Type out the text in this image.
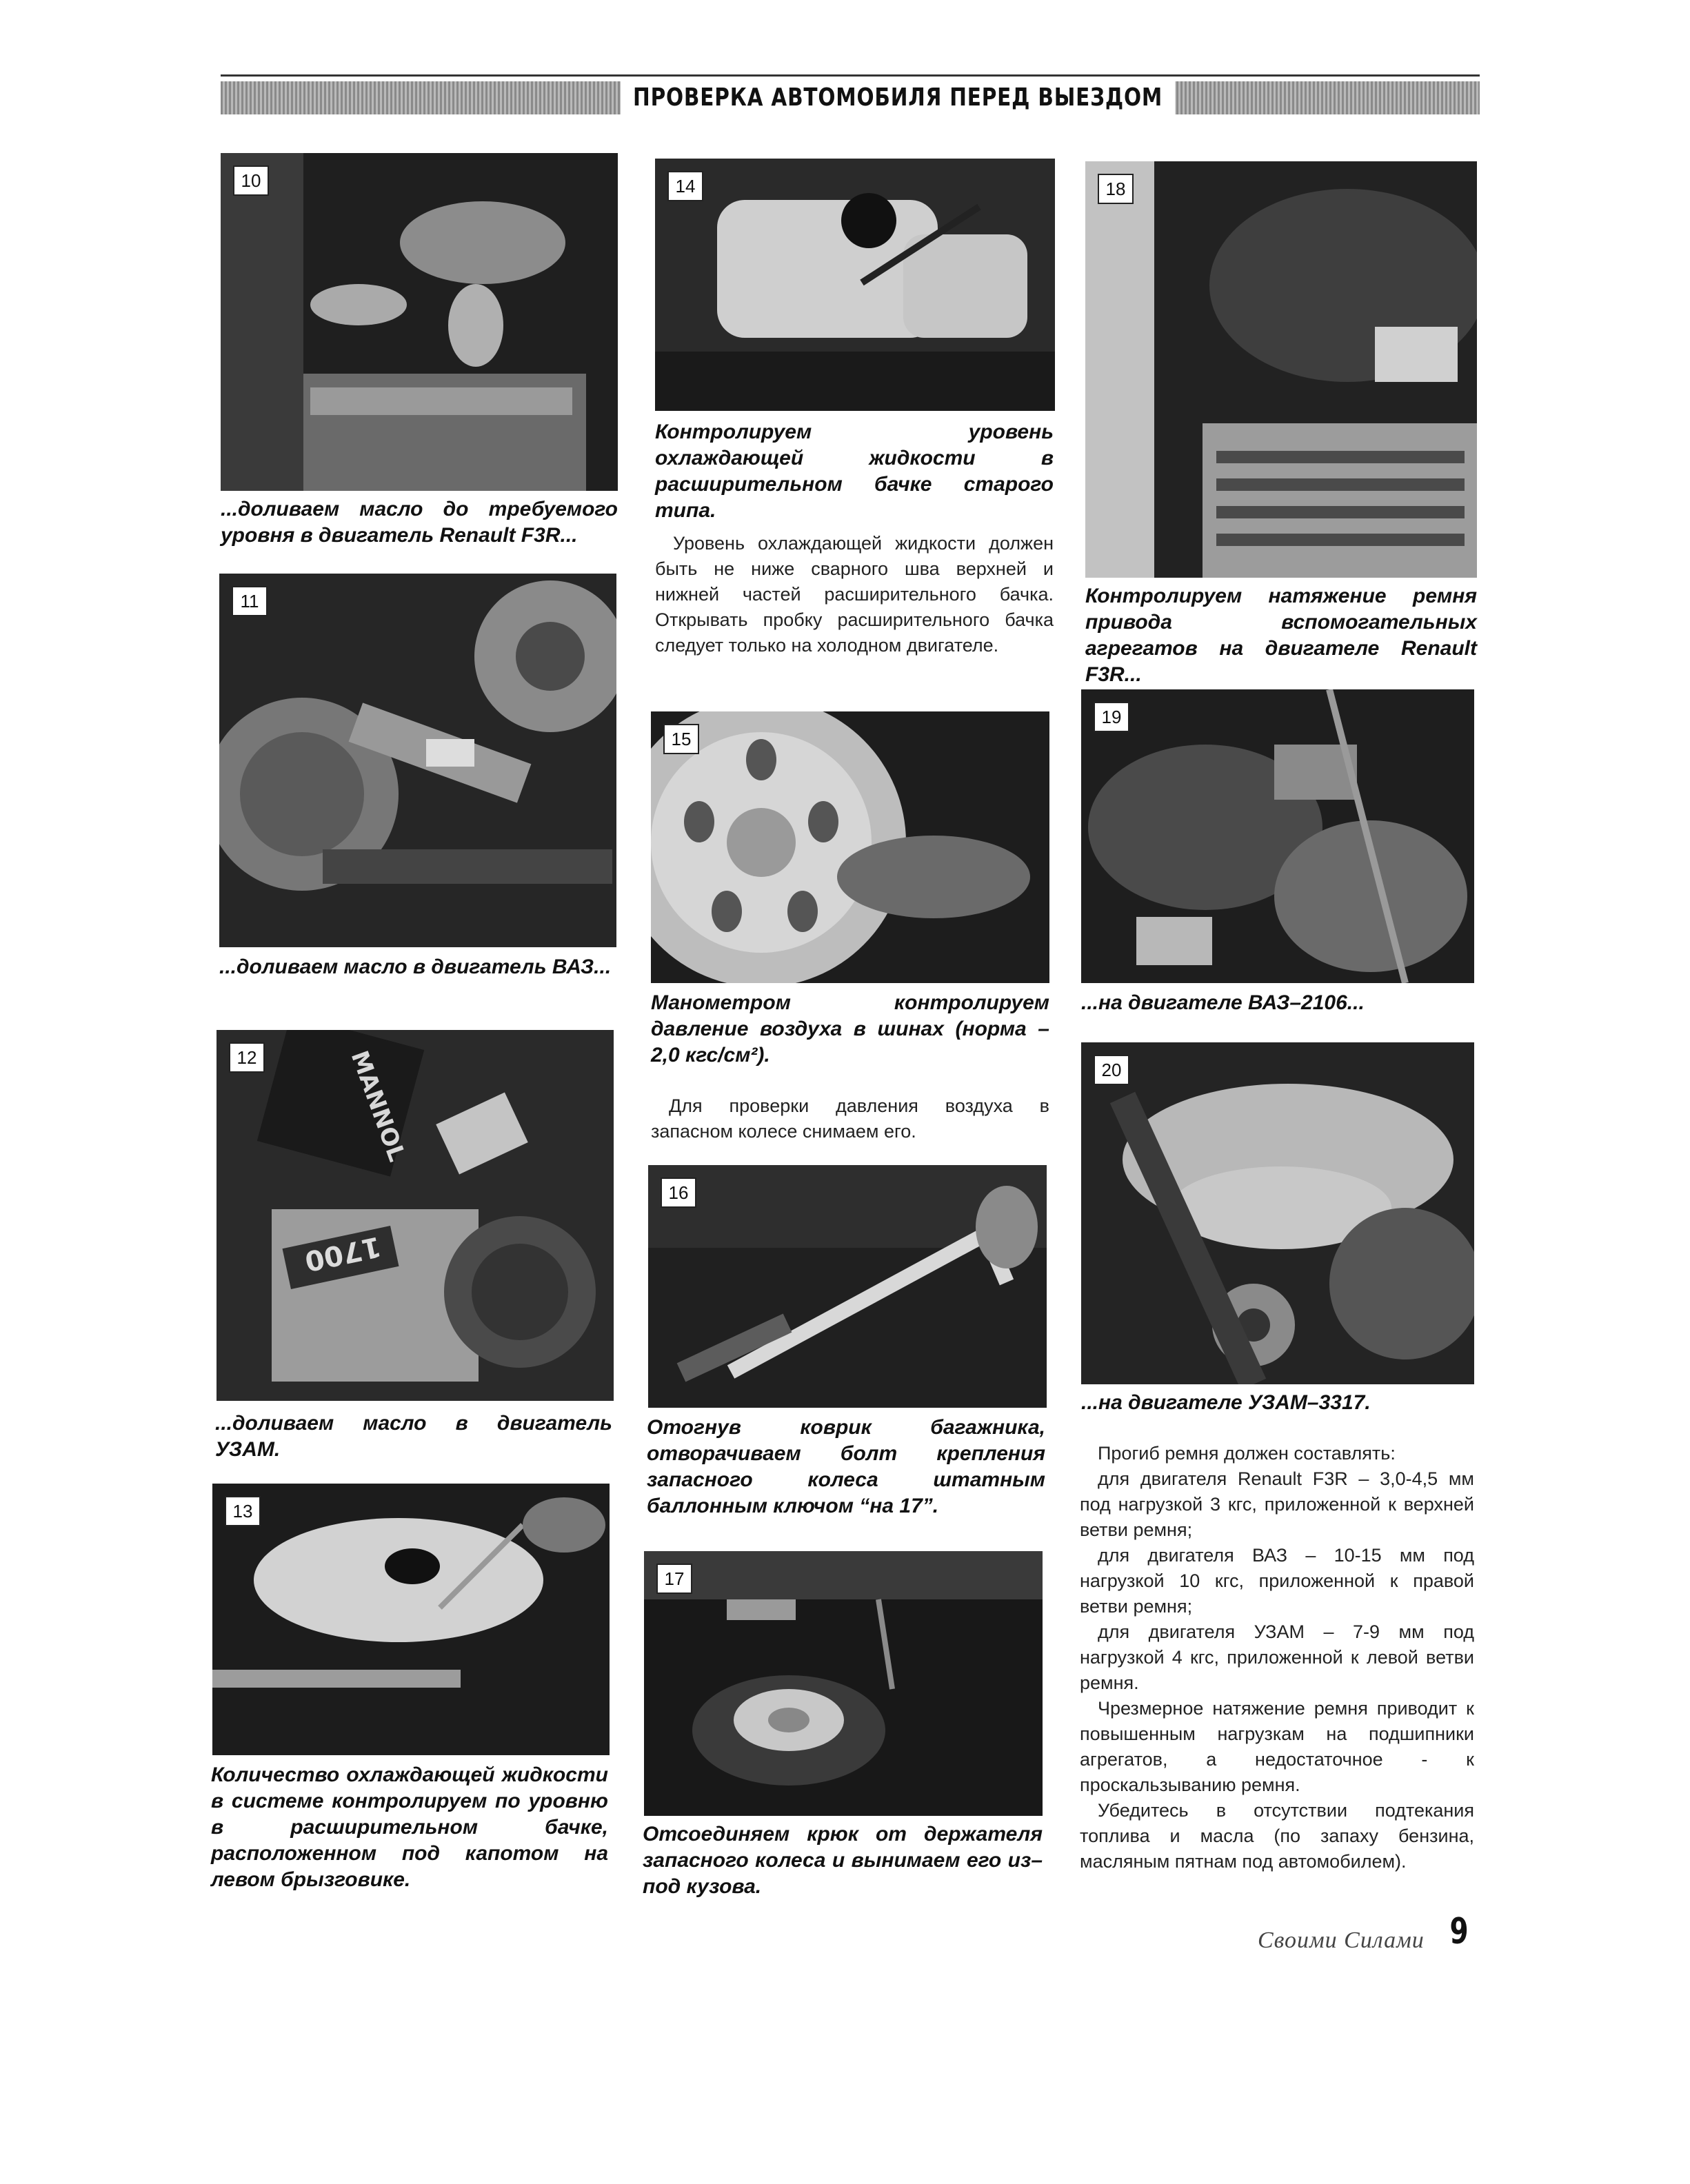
ПРОВЕРКА АВТОМОБИЛЯ ПЕРЕД ВЫЕЗДОМ
10

...доливаем масло до требуемого уровня в двигатель Renault F3R...

11

...доливаем масло в двигатель ВАЗ...

MANNOL
1700
12

...доливаем масло в двигатель УЗАМ.

13

Количество охлаждающей жидкости в системе контролируем по уровню в расширительном бачке, расположенном под капотом на левом брызговике.

14

Контролируем уровень охлаждающей жидкости в расширительном бачке старого типа.

Уровень охлаждающей жидкости должен быть не ниже сварного шва верхней и нижней частей расширительного бачка. Открывать пробку расширительного бачка следует только на холодном двигателе.

15

Манометром контролируем давление воздуха в шинах (норма – 2,0 кгс/см²).

Для проверки давления воздуха в запасном колесе снимаем его.

16

Отогнув коврик багажника, отворачиваем болт крепления запасного колеса штатным баллонным ключом “на 17”.

17

Отсоединяем крюк от держателя запасного колеса и вынимаем его из–под кузова.

18

Контролируем натяжение ремня привода вспомогательных агрегатов на двигателе Renault F3R...

19

...на двигателе ВАЗ–2106...

20

...на двигателе УЗАМ–3317.

Прогиб ремня должен составлять:

для двигателя Renault F3R – 3,0-4,5 мм под нагрузкой 3 кгс, приложенной к верхней ветви ремня;

для двигателя ВАЗ – 10-15 мм под нагрузкой 10 кгс, приложенной к правой ветви ремня;

для двигателя УЗАМ – 7-9 мм под нагрузкой 4 кгс, приложенной к левой ветви ремня.

Чрезмерное натяжение ремня приводит к повышенным нагрузкам на подшипники агрегатов, а недостаточное - к проскальзыванию ремня.

Убедитесь в отсутствии подтекания топлива и масла (по запаху бензина, масляным пятнам под автомобилем).

Своими Силами 9
